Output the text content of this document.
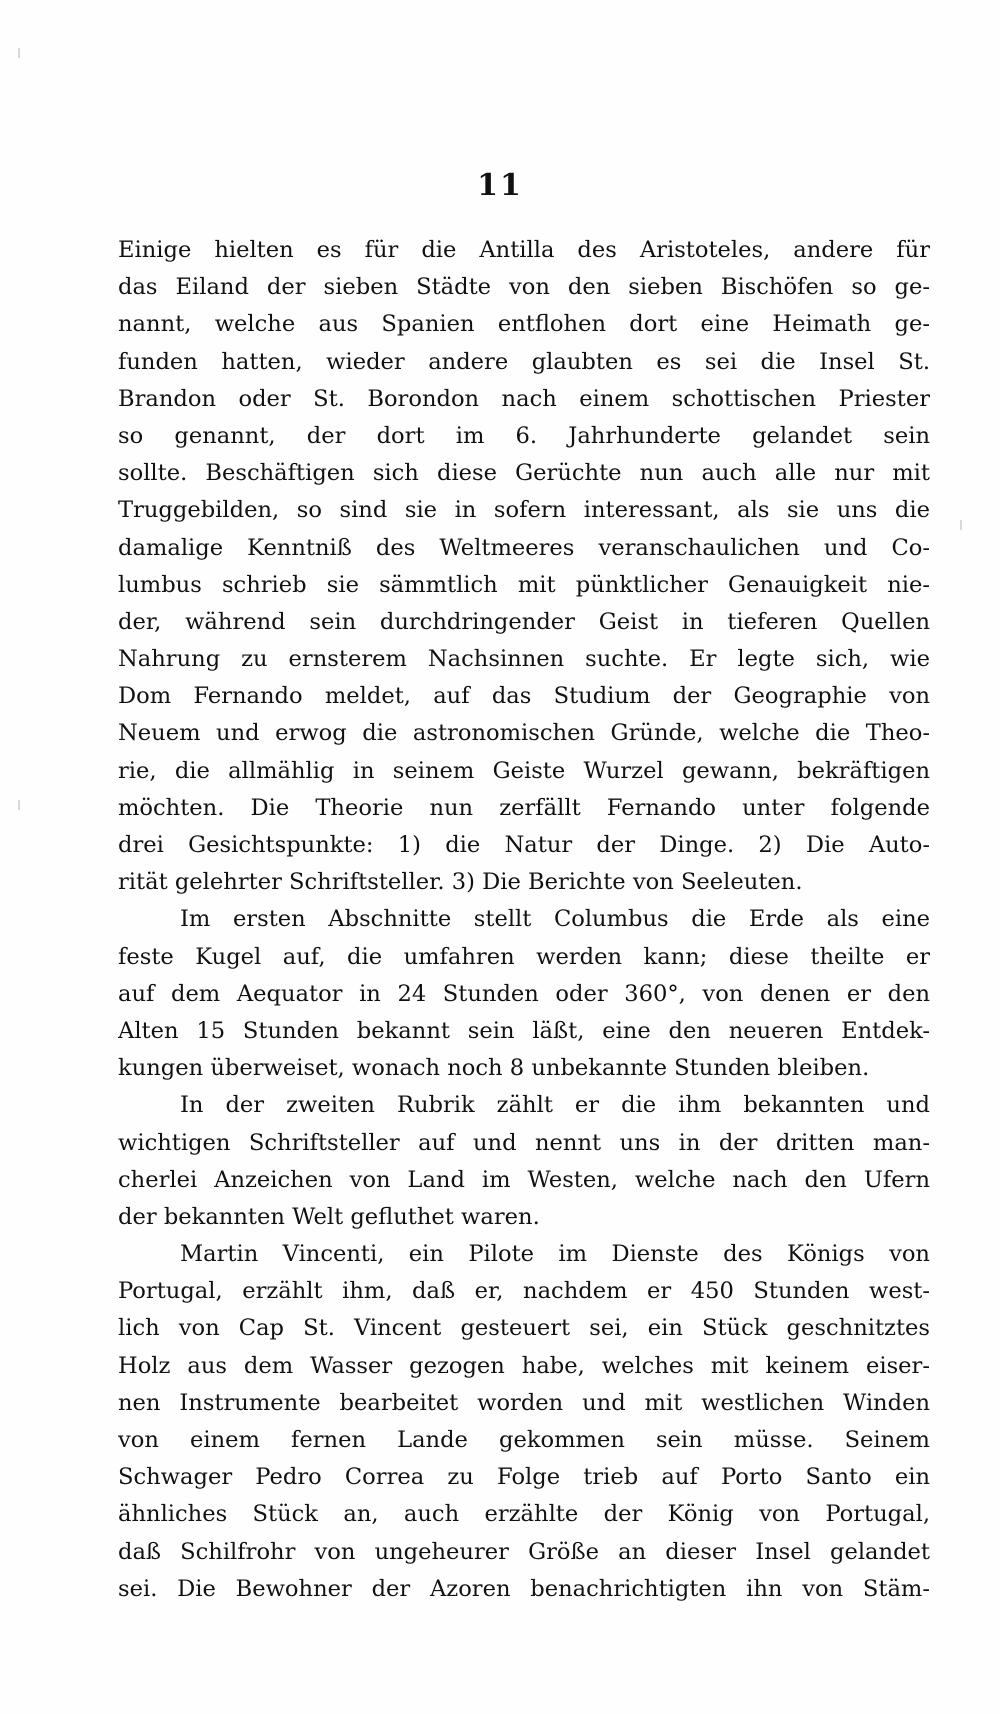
11
Einige hielten es für die Antilla des Aristoteles, andere für
das Eiland der sieben Städte von den sieben Bischöfen so ge-
nannt, welche aus Spanien entflohen dort eine Heimath ge-
funden hatten, wieder andere glaubten es sei die Insel St.
Brandon oder St. Borondon nach einem schottischen Priester
so genannt, der dort im 6. Jahrhunderte gelandet sein
sollte. Beschäftigen sich diese Gerüchte nun auch alle nur mit
Truggebilden, so sind sie in sofern interessant, als sie uns die
damalige Kenntniß des Weltmeeres veranschaulichen und Co-
lumbus schrieb sie sämmtlich mit pünktlicher Genauigkeit nie-
der, während sein durchdringender Geist in tieferen Quellen
Nahrung zu ernsterem Nachsinnen suchte. Er legte sich, wie
Dom Fernando meldet, auf das Studium der Geographie von
Neuem und erwog die astronomischen Gründe, welche die Theo-
rie, die allmählig in seinem Geiste Wurzel gewann, bekräftigen
möchten. Die Theorie nun zerfällt Fernando unter folgende
drei Gesichtspunkte: 1) die Natur der Dinge. 2) Die Auto-
rität gelehrter Schriftsteller. 3) Die Berichte von Seeleuten.
Im ersten Abschnitte stellt Columbus die Erde als eine
feste Kugel auf, die umfahren werden kann; diese theilte er
auf dem Aequator in 24 Stunden oder 360°, von denen er den
Alten 15 Stunden bekannt sein läßt, eine den neueren Entdek-
kungen überweiset, wonach noch 8 unbekannte Stunden bleiben.
In der zweiten Rubrik zählt er die ihm bekannten und
wichtigen Schriftsteller auf und nennt uns in der dritten man-
cherlei Anzeichen von Land im Westen, welche nach den Ufern
der bekannten Welt gefluthet waren.
Martin Vincenti, ein Pilote im Dienste des Königs von
Portugal, erzählt ihm, daß er, nachdem er 450 Stunden west-
lich von Cap St. Vincent gesteuert sei, ein Stück geschnitztes
Holz aus dem Wasser gezogen habe, welches mit keinem eiser-
nen Instrumente bearbeitet worden und mit westlichen Winden
von einem fernen Lande gekommen sein müsse. Seinem
Schwager Pedro Correa zu Folge trieb auf Porto Santo ein
ähnliches Stück an, auch erzählte der König von Portugal,
daß Schilfrohr von ungeheurer Größe an dieser Insel gelandet
sei. Die Bewohner der Azoren benachrichtigten ihn von Stäm-
